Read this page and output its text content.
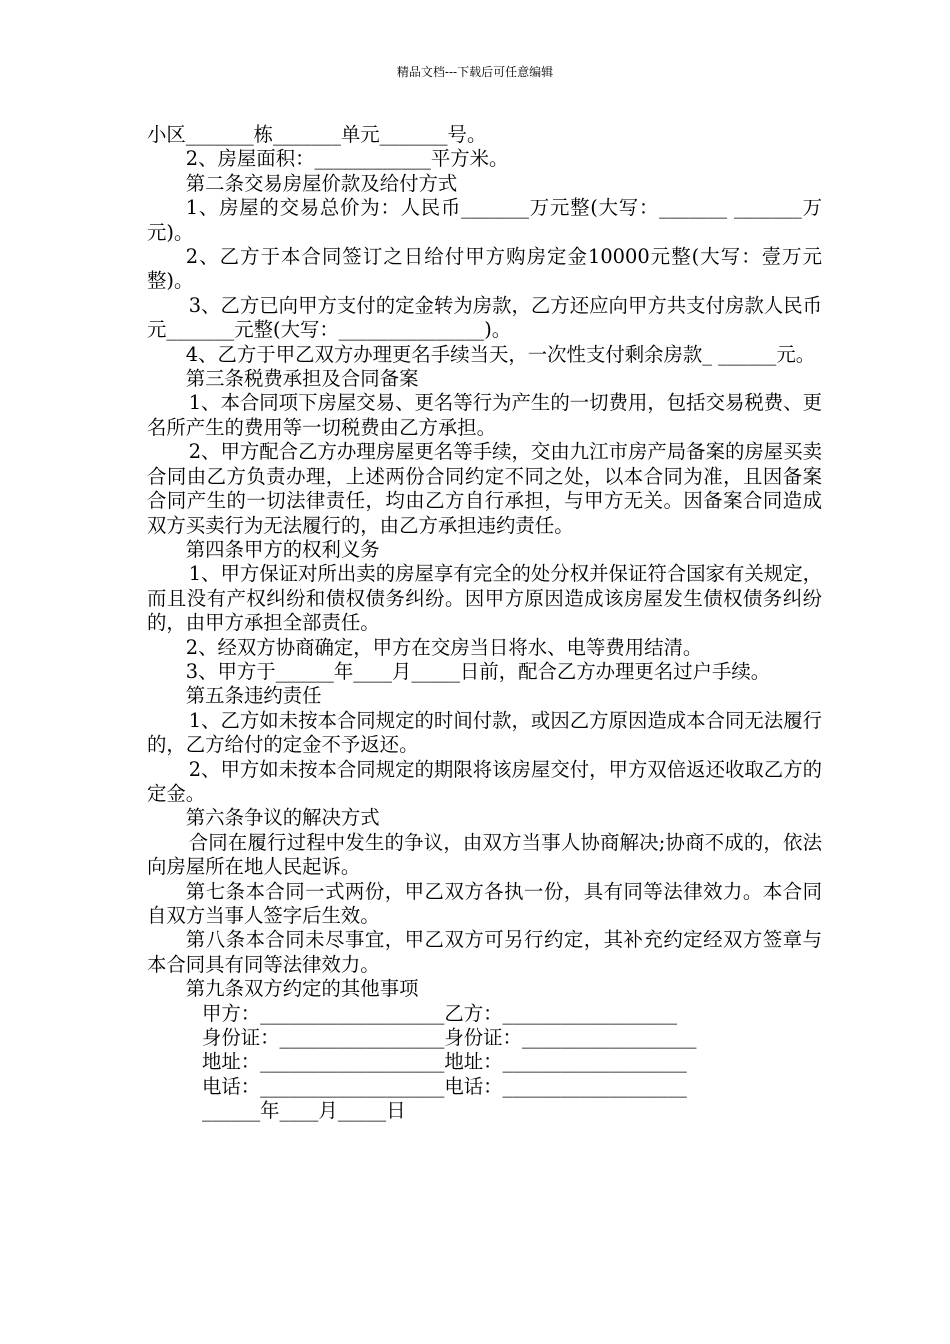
精品文档---下载后可任意编辑

小区_______栋_______单元_______号。

2、房屋面积：____________平方米。

第二条交易房屋价款及给付方式

1、房屋的交易总价为：人民币_______万元整(大写：_______ _______万元)。

2、乙方于本合同签订之日给付甲方购房定金10000元整(大写：壹万元整)。

3、乙方已向甲方支付的定金转为房款，乙方还应向甲方共支付房款人民币元_______元整(大写：_______________)。

4、乙方于甲乙双方办理更名手续当天，一次性支付剩余房款_ ______元。

第三条税费承担及合同备案

1、本合同项下房屋交易、更名等行为产生的一切费用，包括交易税费、更名所产生的费用等一切税费由乙方承担。

2、甲方配合乙方办理房屋更名等手续，交由九江市房产局备案的房屋买卖合同由乙方负责办理，上述两份合同约定不同之处，以本合同为准，且因备案合同产生的一切法律责任，均由乙方自行承担，与甲方无关。因备案合同造成双方买卖行为无法履行的，由乙方承担违约责任。

第四条甲方的权利义务

1、甲方保证对所出卖的房屋享有完全的处分权并保证符合国家有关规定，而且没有产权纠纷和债权债务纠纷。因甲方原因造成该房屋发生债权债务纠纷的，由甲方承担全部责任。

2、经双方协商确定，甲方在交房当日将水、电等费用结清。

3、甲方于______年____月_____日前，配合乙方办理更名过户手续。

第五条违约责任

1、乙方如未按本合同规定的时间付款，或因乙方原因造成本合同无法履行的，乙方给付的定金不予返还。

2、甲方如未按本合同规定的期限将该房屋交付，甲方双倍返还收取乙方的定金。

第六条争议的解决方式

合同在履行过程中发生的争议，由双方当事人协商解决;协商不成的，依法向房屋所在地人民起诉。

第七条本合同一式两份，甲乙双方各执一份，具有同等法律效力。本合同自双方当事人签字后生效。

第八条本合同未尽事宜，甲乙双方可另行约定，其补充约定经双方签章与本合同具有同等法律效力。

第九条双方约定的其他事项

甲方：___________________乙方：__________________

身份证：_________________身份证：__________________

地址：___________________地址：___________________

电话：___________________电话：___________________

______年____月_____日
